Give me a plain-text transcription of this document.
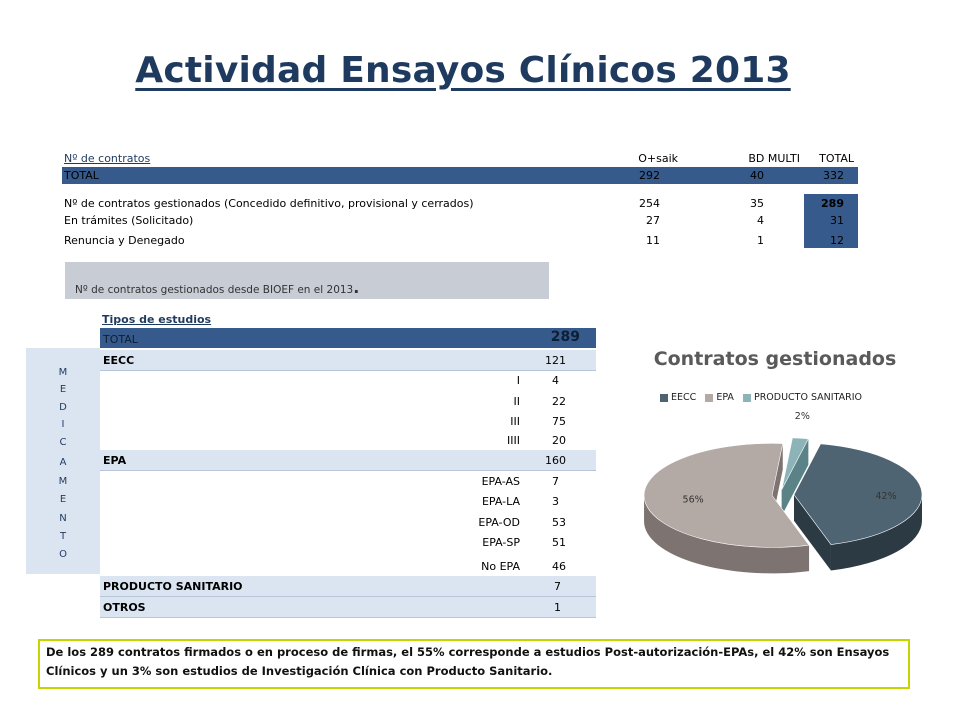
Actividad Ensayos Clínicos 2013
Nº de contratos	O+saik	BD MULTI	TOTAL
TOTAL	292	40	332
Nº de contratos gestionados (Concedido definitivo, provisional y cerrados)	254	35	289
En trámites (Solicitado)	27	4	31
Renuncia y Denegado	11	1	12
Nº de contratos gestionados desde BIOEF en el 2013.
Tipos de estudios
TOTAL	289
M
E
D
I
C
A
M
E
N
T
O
EECC	121
I	4
II	22
III	75
IIII	20
EPA	160
EPA-AS	7
EPA-LA	3
EPA-OD	53
EPA-SP	51
No EPA	46
PRODUCTO SANITARIO	7
OTROS	1
Contratos gestionados
EECC EPA PRODUCTO SANITARIO
42%
56%
2%
De los 289 contratos firmados o en proceso de firmas, el 55% corresponde a estudios Post-autorización-EPAs, el 42% son Ensayos Clínicos y un 3% son estudios de Investigación Clínica con Producto Sanitario.
